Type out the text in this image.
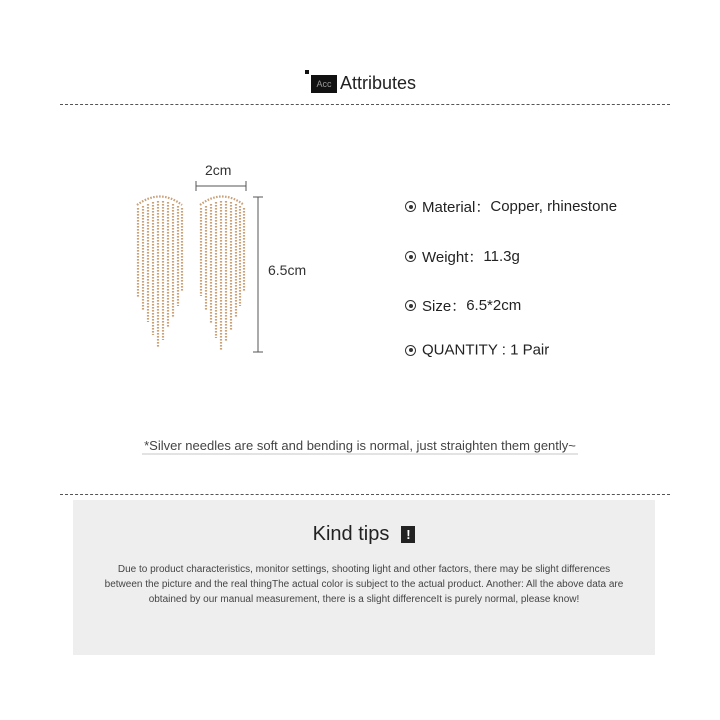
Acc Attributes
2cm
6.5cm
Material：Copper, rhinestone
Weight：11.3g
Size：6.5*2cm
QUANTITY : 1 Pair
*Silver needles are soft and bending is normal, just straighten them gently~
Kind tips !
Due to product characteristics, monitor settings, shooting light and other factors, there may be slight differences between the picture and the real thingThe actual color is subject to the actual product. Another: All the above data are obtained by our manual measurement, there is a slight differenceIt is purely normal, please know!
